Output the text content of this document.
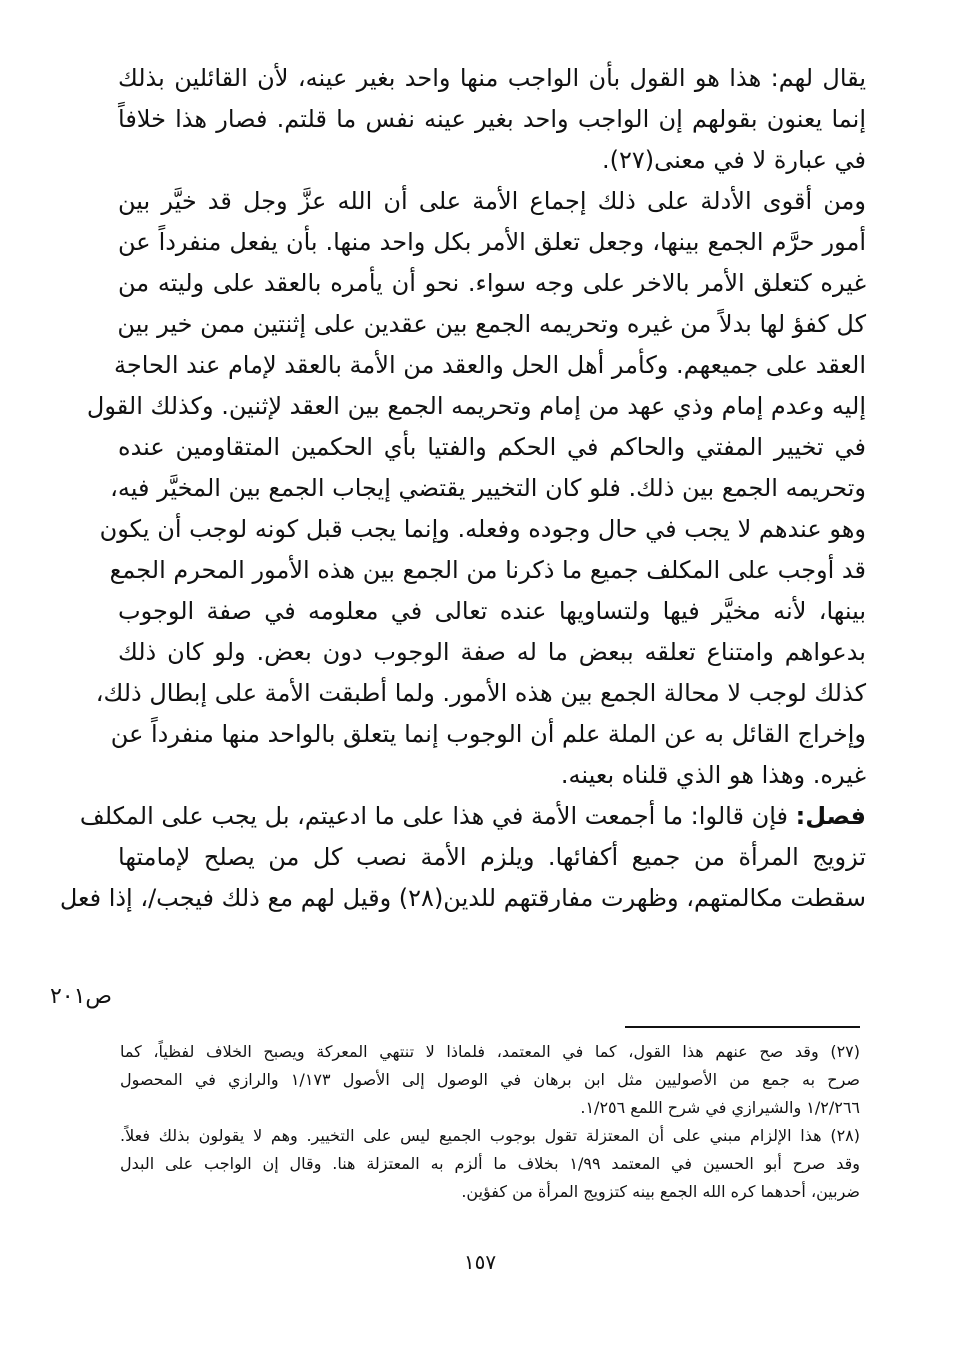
يقال لهم: هذا هو القول بأن الواجب منها واحد بغير عينه، لأن القائلين بذلك
إنما يعنون بقولهم إن الواجب واحد بغير عينه نفس ما قلتم. فصار هذا خلافاً
في عبارة لا في معنى(٢٧).
ومن أقوى الأدلة على ذلك إجماع الأمة على أن الله عزَّ وجل قد خيَّر بين
أمور حرَّم الجمع بينها، وجعل تعلق الأمر بكل واحد منها. بأن يفعل منفرداً عن
غيره كتعلق الأمر بالاخر على وجه سواء. نحو أن يأمره بالعقد على وليته من
كل كفؤ لها بدلاً من غيره وتحريمه الجمع بين عقدين على إثنتين ممن خير بين
العقد على جميعهم. وكأمر أهل الحل والعقد من الأمة بالعقد لإمام عند الحاجة
إليه وعدم إمام وذي عهد من إمام وتحريمه الجمع بين العقد لإثنين. وكذلك القول
في تخيير المفتي والحاكم في الحكم والفتيا بأي الحكمين المتقاومين عنده
وتحريمه الجمع بين ذلك. فلو كان التخيير يقتضي إيجاب الجمع بين المخيَّر فيه،
وهو عندهم لا يجب في حال وجوده وفعله. وإنما يجب قبل كونه لوجب أن يكون
قد أوجب على المكلف جميع ما ذكرنا من الجمع بين هذه الأمور المحرم الجمع
بينها، لأنه مخيَّر فيها ولتساويها عنده تعالى في معلومه في صفة الوجوب
بدعواهم وامتناع تعلقه ببعض ما له صفة الوجوب دون بعض. ولو كان ذلك
كذلك لوجب لا محالة الجمع بين هذه الأمور. ولما أطبقت الأمة على إبطال ذلك،
وإخراج القائل به عن الملة علم أن الوجوب إنما يتعلق بالواحد منها منفرداً عن
غيره. وهذا هو الذي قلناه بعينه.
فصل: فإن قالوا: ما أجمعت الأمة في هذا على ما ادعيتم، بل يجب على المكلف
تزويج المرأة من جميع أكفائها. ويلزم الأمة نصب كل من يصلح لإمامتها
سقطت مكالمتهم، وظهرت مفارقتهم للدين(٢٨) وقيل لهم مع ذلك فيجب/، إذا فعل
ص٢٠١
(٢٧) وقد صح عنهم هذا القول، كما في المعتمد، فلماذا لا تنتهي المعركة ويصبح الخلاف لفظياً، كما
صرح به جمع من الأصوليين مثل ابن برهان في الوصول إلى الأصول ١/١٧٣ والرازي في المحصول
١/٢/٢٦٦ والشيرازي في شرح اللمع ١/٢٥٦.
(٢٨) هذا الإلزام مبني على أن المعتزلة تقول بوجوب الجميع ليس على التخيير. وهم لا يقولون بذلك فعلاً.
وقد صرح أبو الحسين في المعتمد ١/٩٩ بخلاف ما ألزم به المعتزلة هنا. وقال إن الواجب على البدل
ضربين، أحدهما كره الله الجمع بينه كتزويج المرأة من كفؤين.
١٥٧
